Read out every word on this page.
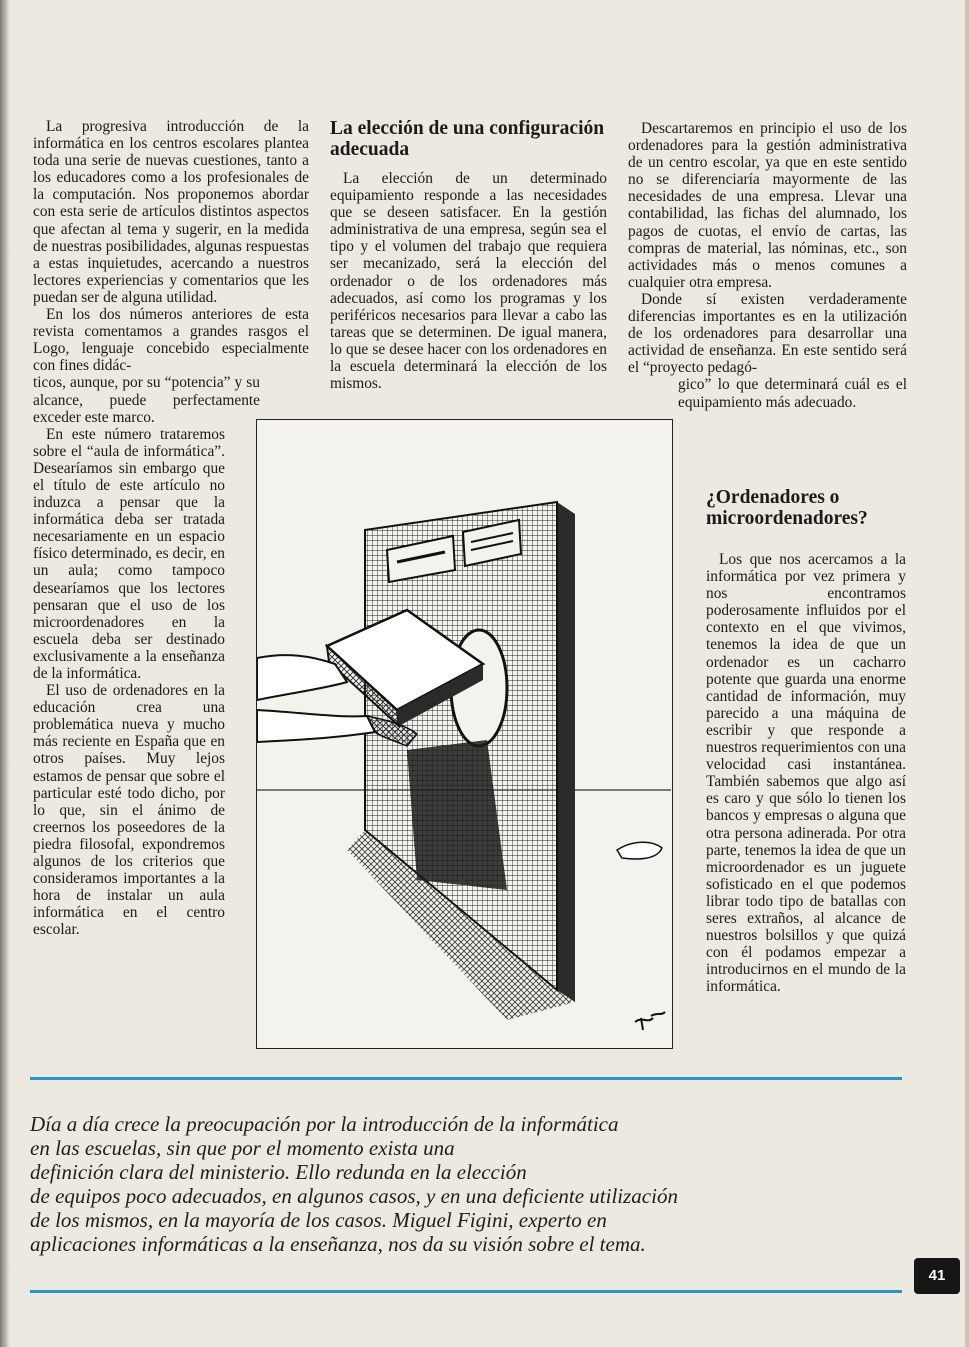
La progresiva introducción de la informática en los centros escolares plantea toda una serie de nuevas cuestiones, tanto a los educadores como a los profesionales de la computación. Nos proponemos abordar con esta serie de artículos distintos aspectos que afectan al tema y sugerir, en la medida de nuestras posibilidades, algunas respuestas a estas inquietudes, acercando a nuestros lectores experiencias y comentarios que les puedan ser de alguna utilidad.

En los dos números anteriores de esta revista comentamos a grandes rasgos el Logo, lenguaje concebido especialmente con fines didác-

ticos, aunque, por su “potencia” y su alcance, puede perfectamente exceder este marco.

En este número trataremos sobre el “aula de informática”. Desearíamos sin embargo que el título de este artículo no induzca a pensar que la informática deba ser tratada necesariamente en un espacio físico determinado, es decir, en un aula; como tampoco desearíamos que los lectores pensaran que el uso de los microordenadores en la escuela deba ser destinado exclusivamente a la enseñanza de la informática.

El uso de ordenadores en la educación crea una problemática nueva y mucho más reciente en España que en otros países. Muy lejos estamos de pensar que sobre el particular esté todo dicho, por lo que, sin el ánimo de creernos los poseedores de la piedra filosofal, expondremos algunos de los criterios que consideramos importantes a la hora de instalar un aula informática en el centro escolar.

La elección de una configuración adecuada

La elección de un determinado equipamiento responde a las necesidades que se deseen satisfacer. En la gestión administrativa de una empresa, según sea el tipo y el volumen del trabajo que requiera ser mecanizado, será la elección del ordenador o de los ordenadores más adecuados, así como los programas y los periféricos necesarios para llevar a cabo las tareas que se determinen. De igual manera, lo que se desee hacer con los ordenadores en la escuela determinará la elección de los mismos.

Descartaremos en principio el uso de los ordenadores para la gestión administrativa de un centro escolar, ya que en este sentido no se diferenciaría mayormente de las necesidades de una empresa. Llevar una contabilidad, las fichas del alumnado, los pagos de cuotas, el envío de cartas, las compras de material, las nóminas, etc., son actividades más o menos comunes a cualquier otra empresa.

Donde sí existen verdaderamente diferencias importantes es en la utilización de los ordenadores para desarrollar una actividad de enseñanza. En este sentido será el “proyecto pedagó-

gico” lo que determinará cuál es el equipamiento más adecuado.

¿Ordenadores o microordenadores?

Los que nos acercamos a la informática por vez primera y nos encontramos poderosamente influidos por el contexto en el que vivimos, tenemos la idea de que un ordenador es un cacharro potente que guarda una enorme cantidad de información, muy parecido a una máquina de escribir y que responde a nuestros requerimientos con una velocidad casi instantánea. También sabemos que algo así es caro y que sólo lo tienen los bancos y empresas o alguna que otra persona adinerada. Por otra parte, tenemos la idea de que un microordenador es un juguete sofisticado en el que podemos librar todo tipo de batallas con seres extraños, al alcance de nuestros bolsillos y que quizá con él podamos empezar a introducirnos en el mundo de la informática.

Día a día crece la preocupación por la introducción de la informática
en las escuelas, sin que por el momento exista una
definición clara del ministerio. Ello redunda en la elección
de equipos poco adecuados, en algunos casos, y en una deficiente utilización
de los mismos, en la mayoría de los casos. Miguel Figini, experto en
aplicaciones informáticas a la enseñanza, nos da su visión sobre el tema.

41
